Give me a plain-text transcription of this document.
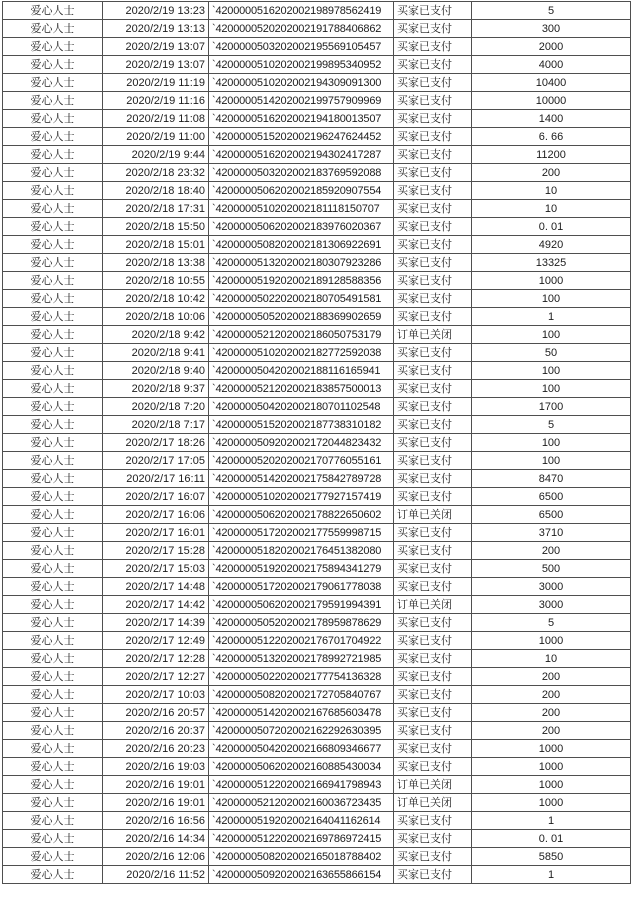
爱心人士	2020/2/19 13:23	`4200000516202002198978562419	买家已支付	5
爱心人士	2020/2/19 13:13	`4200000520202002191788406862	买家已支付	300
爱心人士	2020/2/19 13:07	`4200000503202002195569105457	买家已支付	2000
爱心人士	2020/2/19 13:07	`4200000510202002199895340952	买家已支付	4000
爱心人士	2020/2/19 11:19	`4200000510202002194309091300	买家已支付	10400
爱心人士	2020/2/19 11:16	`4200000514202002199757909969	买家已支付	10000
爱心人士	2020/2/19 11:08	`4200000516202002194180013507	买家已支付	1400
爱心人士	2020/2/19 11:00	`4200000515202002196247624452	买家已支付	6. 66
爱心人士	2020/2/19 9:44	`4200000516202002194302417287	买家已支付	11200
爱心人士	2020/2/18 23:32	`4200000503202002183769592088	买家已支付	200
爱心人士	2020/2/18 18:40	`4200000506202002185920907554	买家已支付	10
爱心人士	2020/2/18 17:31	`4200000510202002181118150707	买家已支付	10
爱心人士	2020/2/18 15:50	`4200000506202002183976020367	买家已支付	0. 01
爱心人士	2020/2/18 15:01	`4200000508202002181306922691	买家已支付	4920
爱心人士	2020/2/18 13:38	`4200000513202002180307923286	买家已支付	13325
爱心人士	2020/2/18 10:55	`4200000519202002189128588356	买家已支付	1000
爱心人士	2020/2/18 10:42	`4200000502202002180705491581	买家已支付	100
爱心人士	2020/2/18 10:06	`4200000505202002188369902659	买家已支付	1
爱心人士	2020/2/18 9:42	`4200000521202002186050753179	订单已关闭	100
爱心人士	2020/2/18 9:41	`4200000510202002182772592038	买家已支付	50
爱心人士	2020/2/18 9:40	`4200000504202002188116165941	买家已支付	100
爱心人士	2020/2/18 9:37	`4200000521202002183857500013	买家已支付	100
爱心人士	2020/2/18 7:20	`4200000504202002180701102548	买家已支付	1700
爱心人士	2020/2/18 7:17	`4200000515202002187738310182	买家已支付	5
爱心人士	2020/2/17 18:26	`4200000509202002172044823432	买家已支付	100
爱心人士	2020/2/17 17:05	`4200000520202002170776055161	买家已支付	100
爱心人士	2020/2/17 16:11	`4200000514202002175842789728	买家已支付	8470
爱心人士	2020/2/17 16:07	`4200000510202002177927157419	买家已支付	6500
爱心人士	2020/2/17 16:06	`4200000506202002178822650602	订单已关闭	6500
爱心人士	2020/2/17 16:01	`4200000517202002177559998715	买家已支付	3710
爱心人士	2020/2/17 15:28	`4200000518202002176451382080	买家已支付	200
爱心人士	2020/2/17 15:03	`4200000519202002175894341279	买家已支付	500
爱心人士	2020/2/17 14:48	`4200000517202002179061778038	买家已支付	3000
爱心人士	2020/2/17 14:42	`4200000506202002179591994391	订单已关闭	3000
爱心人士	2020/2/17 14:39	`4200000505202002178959878629	买家已支付	5
爱心人士	2020/2/17 12:49	`4200000512202002176701704922	买家已支付	1000
爱心人士	2020/2/17 12:28	`4200000513202002178992721985	买家已支付	10
爱心人士	2020/2/17 12:27	`4200000502202002177754136328	买家已支付	200
爱心人士	2020/2/17 10:03	`4200000508202002172705840767	买家已支付	200
爱心人士	2020/2/16 20:57	`4200000514202002167685603478	买家已支付	200
爱心人士	2020/2/16 20:37	`4200000507202002162292630395	买家已支付	200
爱心人士	2020/2/16 20:23	`4200000504202002166809346677	买家已支付	1000
爱心人士	2020/2/16 19:03	`4200000506202002160885430034	买家已支付	1000
爱心人士	2020/2/16 19:01	`4200000512202002166941798943	订单已关闭	1000
爱心人士	2020/2/16 19:01	`4200000521202002160036723435	订单已关闭	1000
爱心人士	2020/2/16 16:56	`4200000519202002164041162614	买家已支付	1
爱心人士	2020/2/16 14:34	`4200000512202002169786972415	买家已支付	0. 01
爱心人士	2020/2/16 12:06	`4200000508202002165018788402	买家已支付	5850
爱心人士	2020/2/16 11:52	`4200000509202002163655866154	买家已支付	1
